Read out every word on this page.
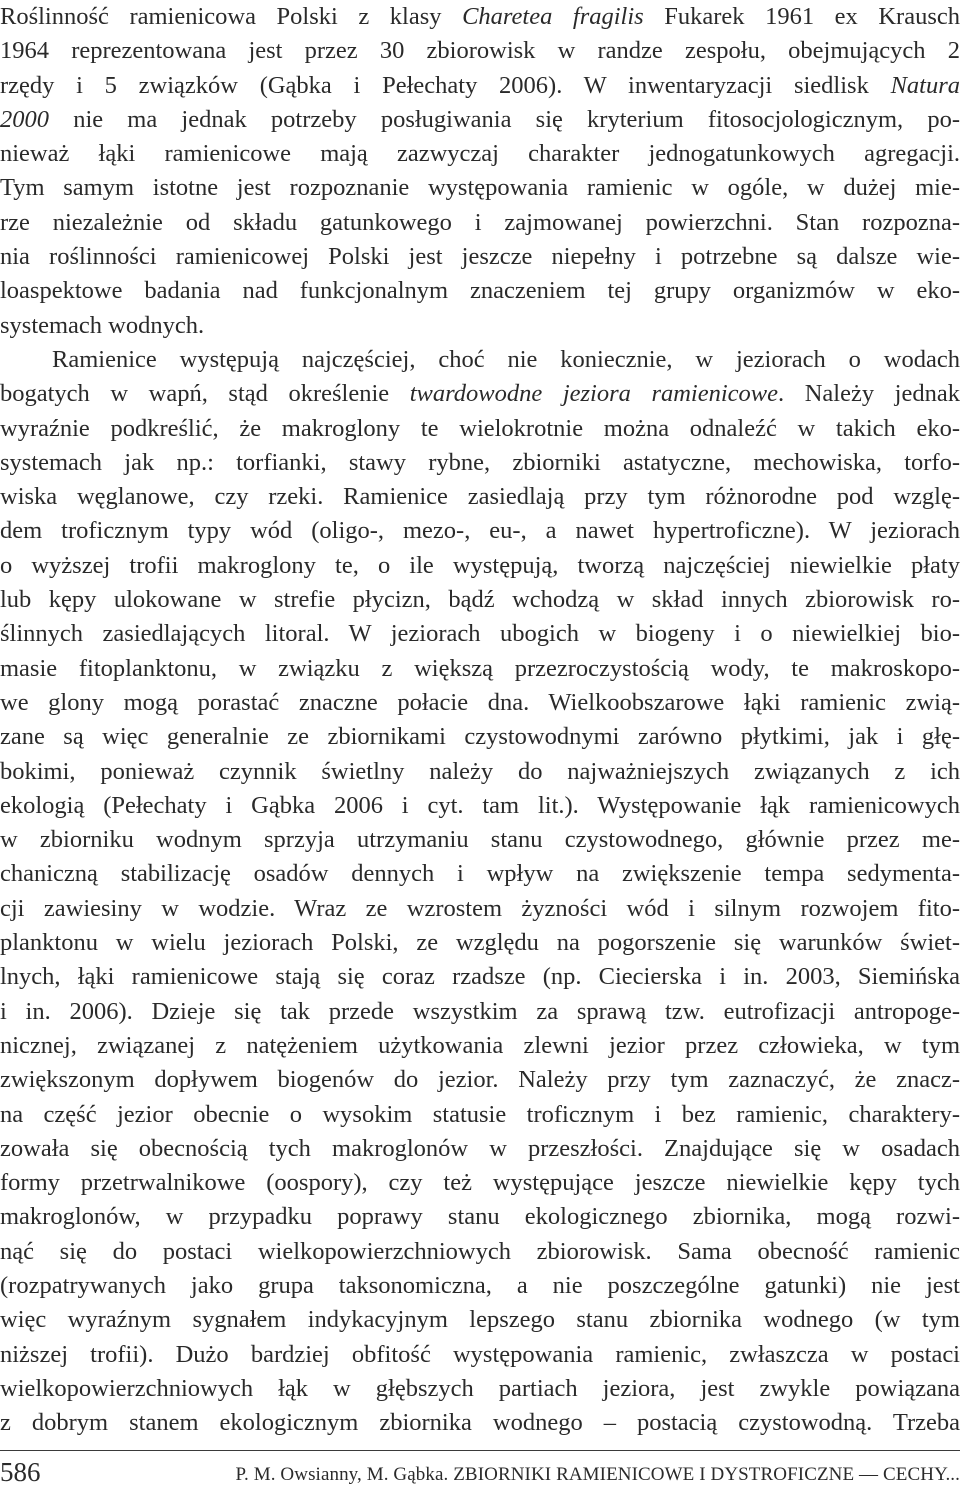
Roślinność ramienicowa Polski z klasy Charetea fragilis Fukarek 1961 ex Krausch
1964 reprezentowana jest przez 30 zbiorowisk w randze zespołu, obejmujących 2
rzędy i 5 związków (Gąbka i Pełechaty 2006). W inwentaryzacji siedlisk Natura
2000 nie ma jednak potrzeby posługiwania się kryterium fitosocjologicznym, po-
nieważ łąki ramienicowe mają zazwyczaj charakter jednogatunkowych agregacji.
Tym samym istotne jest rozpoznanie występowania ramienic w ogóle, w dużej mie-
rze niezależnie od składu gatunkowego i zajmowanej powierzchni. Stan rozpozna-
nia roślinności ramienicowej Polski jest jeszcze niepełny i potrzebne są dalsze wie-
loaspektowe badania nad funkcjonalnym znaczeniem tej grupy organizmów w eko-
systemach wodnych.
Ramienice występują najczęściej, choć nie koniecznie, w jeziorach o wodach
bogatych w wapń, stąd określenie twardowodne jeziora ramienicowe. Należy jednak
wyraźnie podkreślić, że makroglony te wielokrotnie można odnaleźć w takich eko-
systemach jak np.: torfianki, stawy rybne, zbiorniki astatyczne, mechowiska, torfo-
wiska węglanowe, czy rzeki. Ramienice zasiedlają przy tym różnorodne pod wzglę-
dem troficznym typy wód (oligo-, mezo-, eu-, a nawet hypertroficzne). W jeziorach
o wyższej trofii makroglony te, o ile występują, tworzą najczęściej niewielkie płaty
lub kępy ulokowane w strefie płycizn, bądź wchodzą w skład innych zbiorowisk ro-
ślinnych zasiedlających litoral. W jeziorach ubogich w biogeny i o niewielkiej bio-
masie fitoplanktonu, w związku z większą przezroczystością wody, te makroskopo-
we glony mogą porastać znaczne połacie dna. Wielkoobszarowe łąki ramienic zwią-
zane są więc generalnie ze zbiornikami czystowodnymi zarówno płytkimi, jak i głę-
bokimi, ponieważ czynnik świetlny należy do najważniejszych związanych z ich
ekologią (Pełechaty i Gąbka 2006 i cyt. tam lit.). Występowanie łąk ramienicowych
w zbiorniku wodnym sprzyja utrzymaniu stanu czystowodnego, głównie przez me-
chaniczną stabilizację osadów dennych i wpływ na zwiększenie tempa sedymenta-
cji zawiesiny w wodzie. Wraz ze wzrostem żyzności wód i silnym rozwojem fito-
planktonu w wielu jeziorach Polski, ze względu na pogorszenie się warunków świet-
lnych, łąki ramienicowe stają się coraz rzadsze (np. Ciecierska i in. 2003, Siemińska
i in. 2006). Dzieje się tak przede wszystkim za sprawą tzw. eutrofizacji antropoge-
nicznej, związanej z natężeniem użytkowania zlewni jezior przez człowieka, w tym
zwiększonym dopływem biogenów do jezior. Należy przy tym zaznaczyć, że znacz-
na część jezior obecnie o wysokim statusie troficznym i bez ramienic, charaktery-
zowała się obecnością tych makroglonów w przeszłości. Znajdujące się w osadach
formy przetrwalnikowe (oospory), czy też występujące jeszcze niewielkie kępy tych
makroglonów, w przypadku poprawy stanu ekologicznego zbiornika, mogą rozwi-
nąć się do postaci wielkopowierzchniowych zbiorowisk. Sama obecność ramienic
(rozpatrywanych jako grupa taksonomiczna, a nie poszczególne gatunki) nie jest
więc wyraźnym sygnałem indykacyjnym lepszego stanu zbiornika wodnego (w tym
niższej trofii). Dużo bardziej obfitość występowania ramienic, zwłaszcza w postaci
wielkopowierzchniowych łąk w głębszych partiach jeziora, jest zwykle powiązana
z dobrym stanem ekologicznym zbiornika wodnego – postacią czystowodną. Trzeba
586	P. M. Owsianny, M. Gąbka. ZBIORNIKI RAMIENICOWE I DYSTROFICZNE — CECHY...
